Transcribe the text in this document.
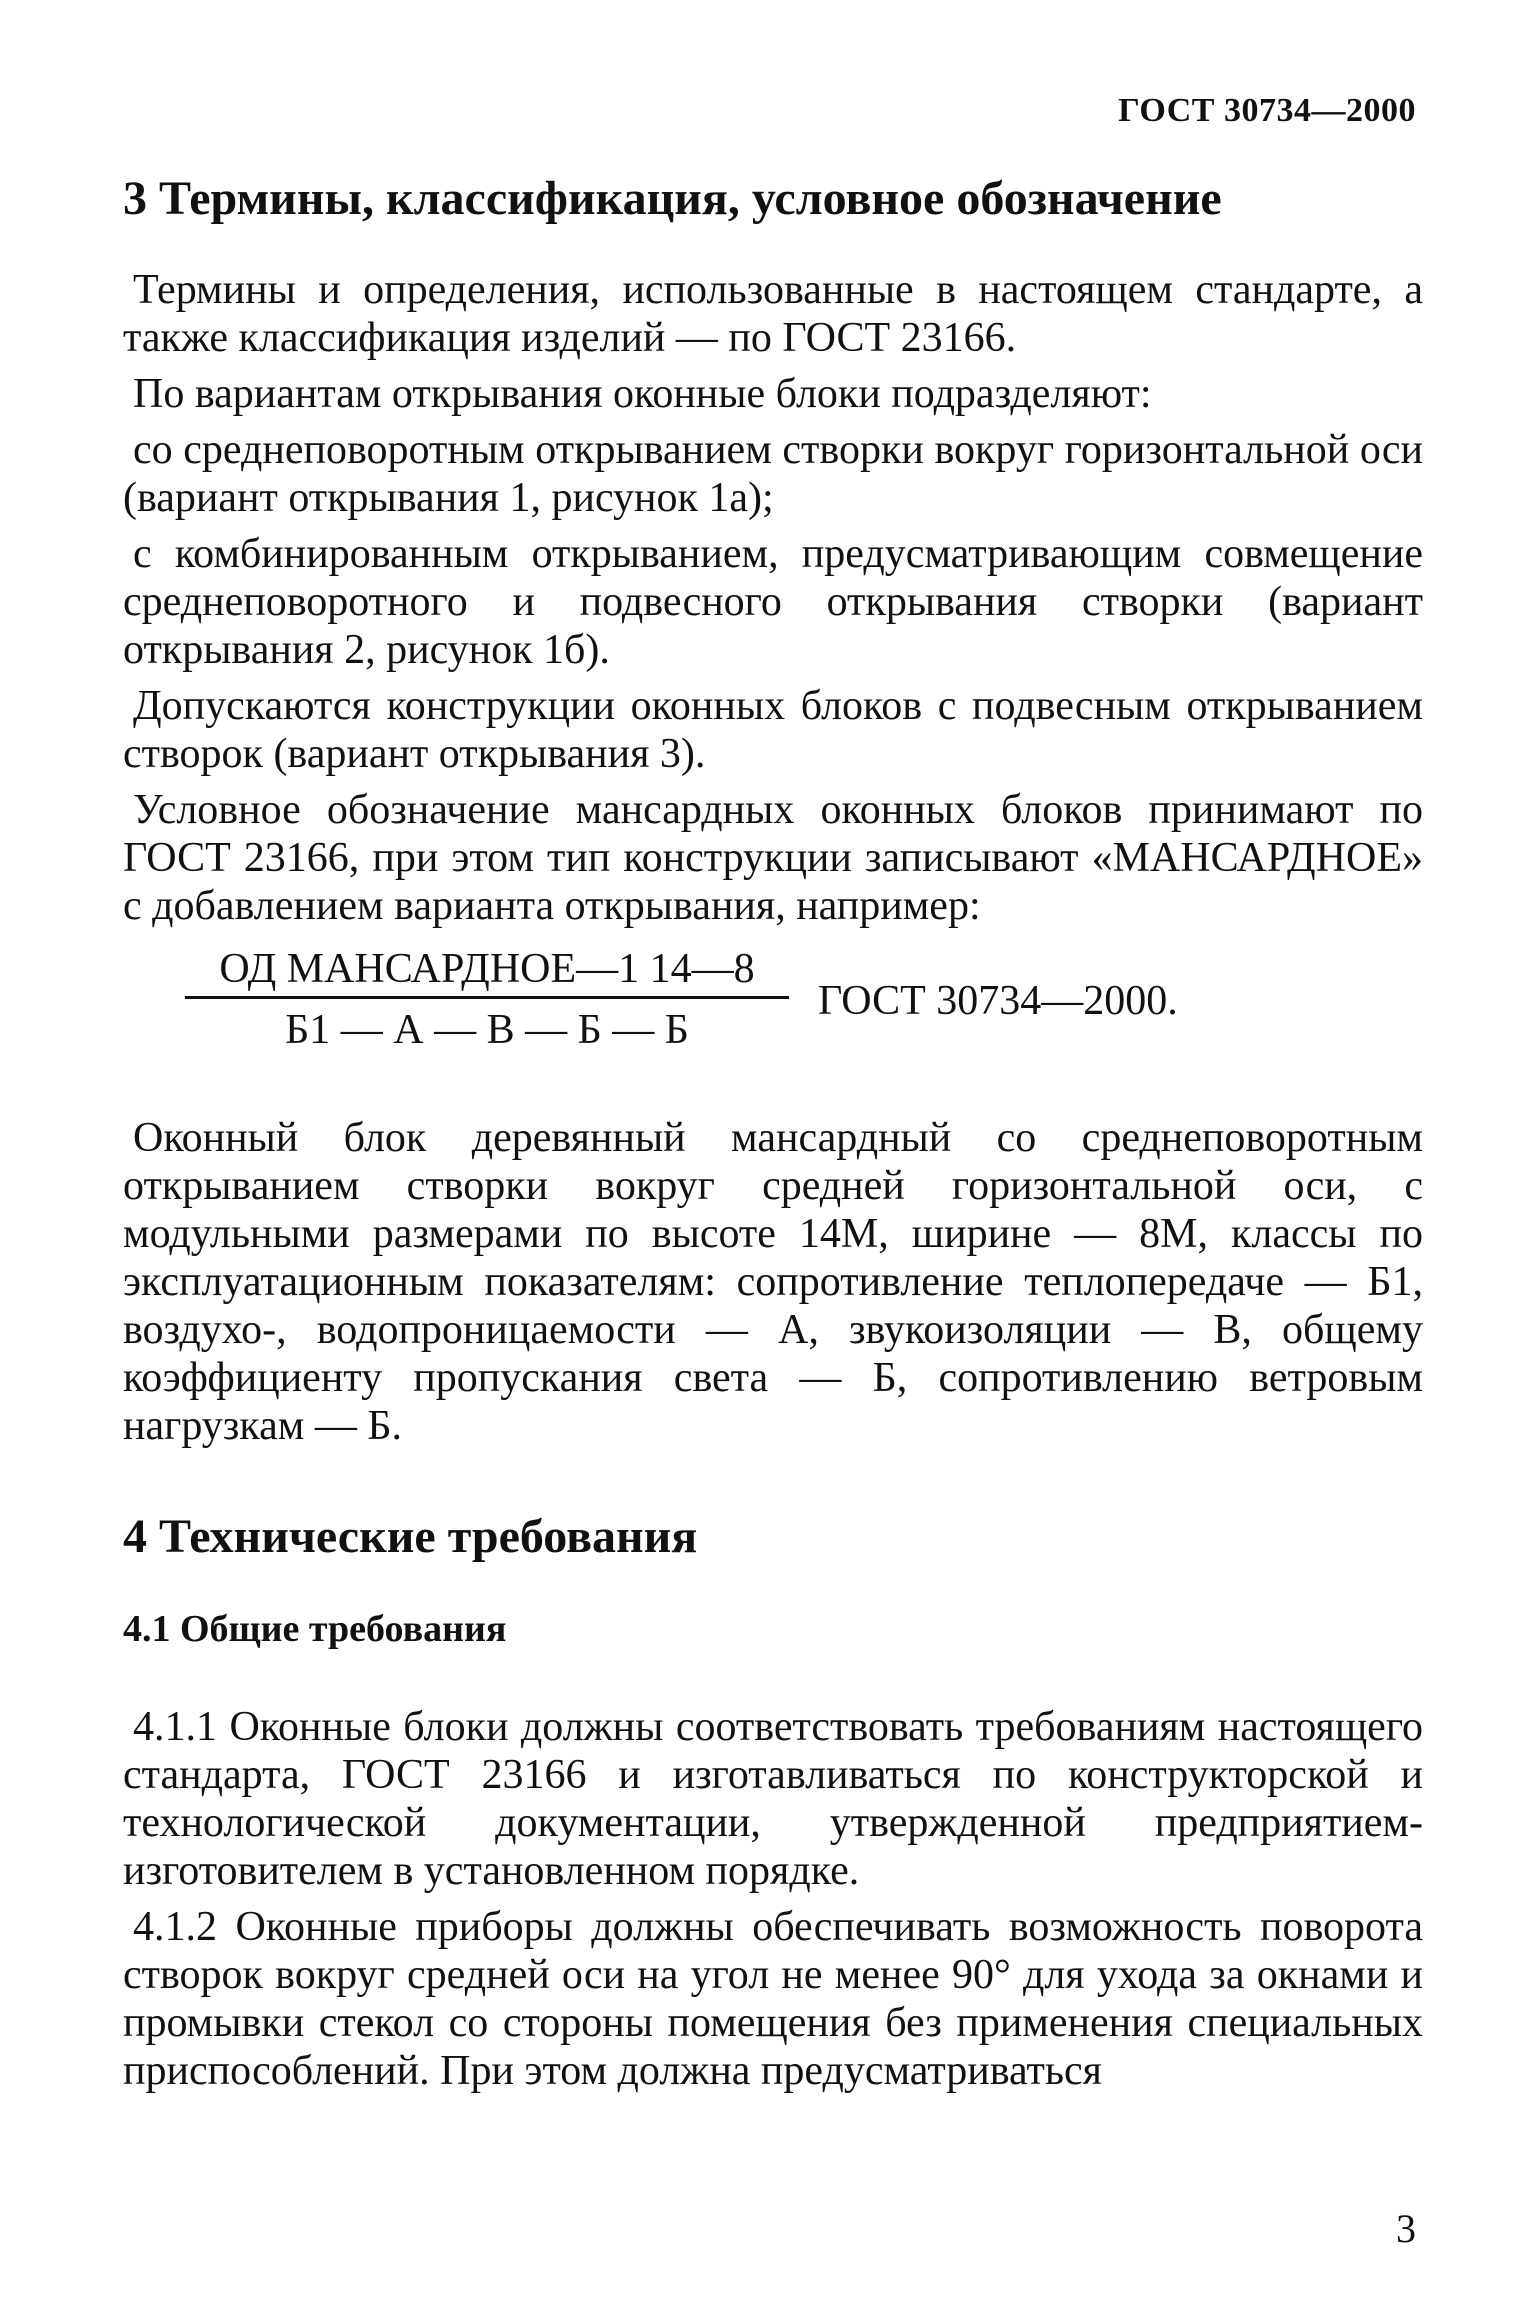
ГОСТ 30734—2000
3 Термины, классификация, условное обозначение

Термины и определения, использованные в настоящем стандарте, а также классификация изделий — по ГОСТ 23166.

По вариантам открывания оконные блоки подразделяют:

со среднеповоротным открыванием створки вокруг горизонтальной оси (вариант открывания 1, рисунок 1а);

с комбинированным открыванием, предусматривающим совмещение среднеповоротного и подвесного открывания створки (вариант открывания 2, рисунок 1б).

Допускаются конструкции оконных блоков с подвесным открыванием створок (вариант открывания 3).

Условное обозначение мансардных оконных блоков принимают по ГОСТ 23166, при этом тип конструкции записывают «МАНСАРДНОЕ» с добавлением варианта открывания, например:

ОД МАНСАРДНОЕ—1 14—8
Б1 — А — В — Б — Б
ГОСТ 30734—2000.

Оконный блок деревянный мансардный со среднеповоротным открыванием створки вокруг средней горизонтальной оси, с модульными размерами по высоте 14М, ширине — 8М, классы по эксплуатационным показателям: сопротивление теплопередаче — Б1, воздухо-, водопроницаемости — А, звукоизоляции — В, общему коэффициенту пропускания света — Б, сопротивлению ветровым нагрузкам — Б.

4 Технические требования
4.1 Общие требования

4.1.1 Оконные блоки должны соответствовать требованиям настоящего стандарта, ГОСТ 23166 и изготавливаться по конструкторской и технологической документации, утвержденной предприятием-изготовителем в установленном порядке.

4.1.2 Оконные приборы должны обеспечивать возможность поворота створок вокруг средней оси на угол не менее 90° для ухода за окнами и промывки стекол со стороны помещения без применения специальных приспособлений. При этом должна предусматриваться

3
